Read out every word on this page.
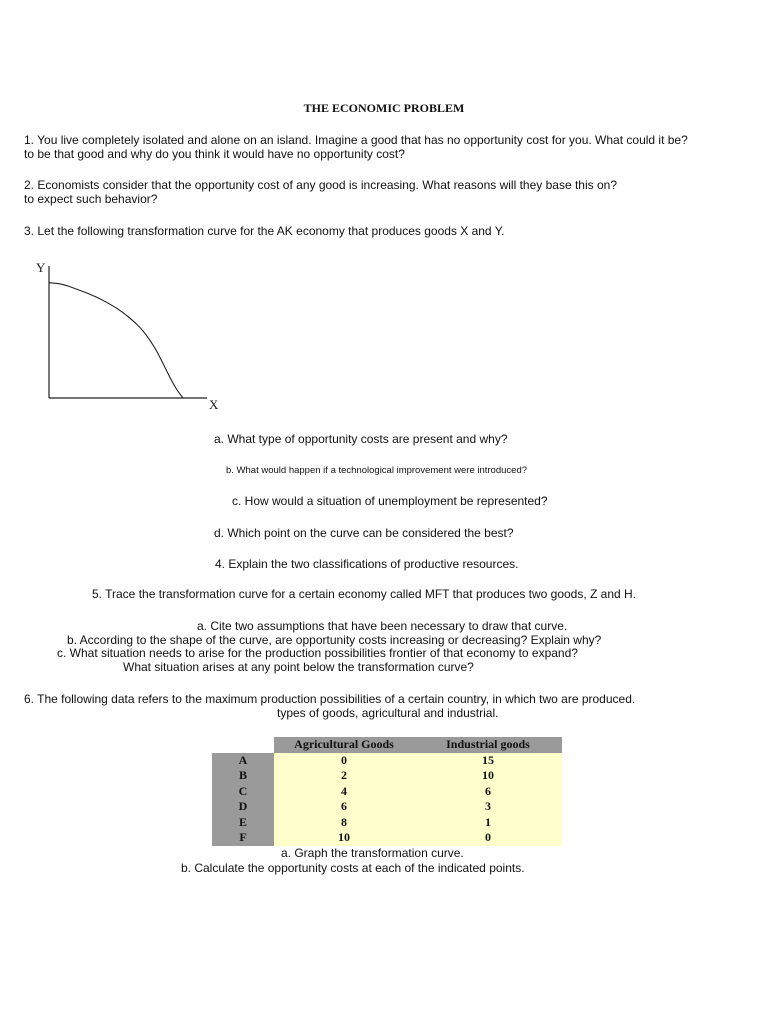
THE ECONOMIC PROBLEM
1. You live completely isolated and alone on an island. Imagine a good that has no opportunity cost for you. What could it be?
to be that good and why do you think it would have no opportunity cost?
2. Economists consider that the opportunity cost of any good is increasing. What reasons will they base this on?
to expect such behavior?
3. Let the following transformation curve for the AK economy that produces goods X and Y.
Y
X
a. What type of opportunity costs are present and why?
b. What would happen if a technological improvement were introduced?
c. How would a situation of unemployment be represented?
d. Which point on the curve can be considered the best?
4. Explain the two classifications of productive resources.
5. Trace the transformation curve for a certain economy called MFT that produces two goods, Z and H.
a. Cite two assumptions that have been necessary to draw that curve.
b. According to the shape of the curve, are opportunity costs increasing or decreasing? Explain why?
c. What situation needs to arise for the production possibilities frontier of that economy to expand?
What situation arises at any point below the transformation curve?
6. The following data refers to the maximum production possibilities of a certain country, in which two are produced.
types of goods, agricultural and industrial.
	Agricultural Goods	Industrial goods
A	0	15
B	2	10
C	4	6
D	6	3
E	8	1
F	10	0
a. Graph the transformation curve.
b. Calculate the opportunity costs at each of the indicated points.
